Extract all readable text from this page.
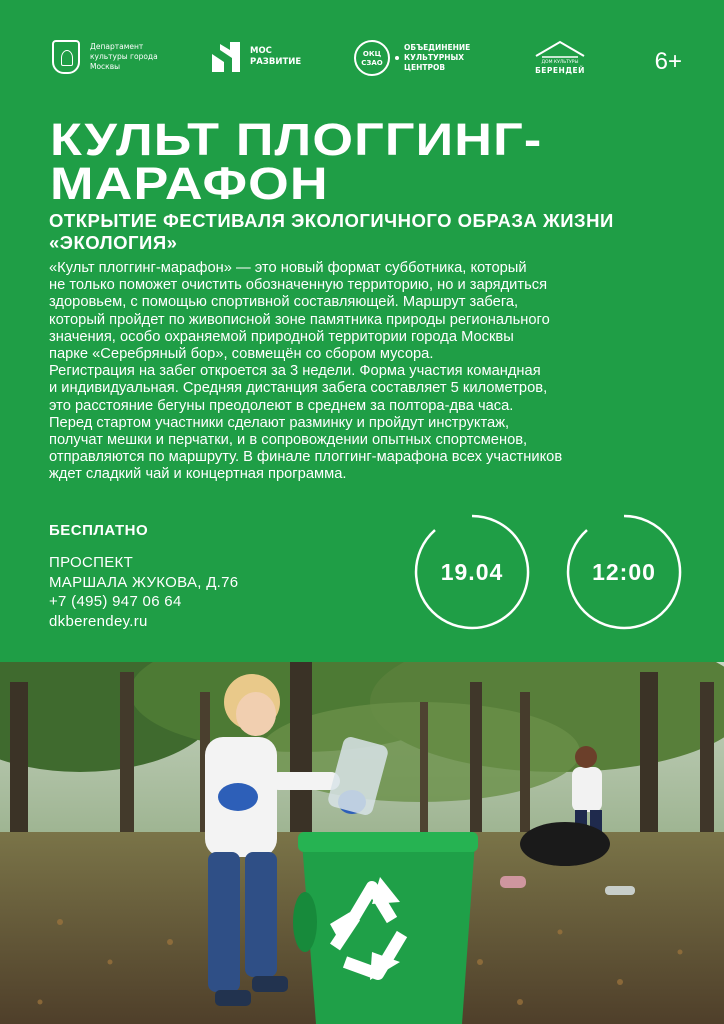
Департамент культуры города Москвы
МОС
РАЗВИТИЕ
ОКЦ
СЗАО
ОБЪЕДИНЕНИЕ
КУЛЬТУРНЫХ
ЦЕНТРОВ
ДОМ КУЛЬТУРЫ
БЕРЕНДЕЙ	6+
КУЛЬТ ПЛОГГИНГ-
МАРАФОН
ОТКРЫТИЕ ФЕСТИВАЛЯ ЭКОЛОГИЧНОГО ОБРАЗА ЖИЗНИ
«ЭКОЛОГИЯ»

«Культ плоггинг-марафон» — это новый формат субботника, который

не только поможет очистить обозначенную территорию, но и зарядиться

здоровьем, с помощью спортивной составляющей. Маршрут забега,

который пройдет по живописной зоне памятника природы регионального

значения, особо охраняемой природной территории города Москвы

парке «Серебряный бор», совмещён со сбором мусора.

Регистрация на забег откроется за 3 недели. Форма участия командная

и индивидуальная. Средняя дистанция забега составляет 5 километров,

это расстояние бегуны преодолеют в среднем за полтора-два часа.

Перед стартом участники сделают разминку и пройдут инструктаж,

получат мешки и перчатки, и в сопровождении опытных спортсменов,

отправляются по маршруту. В финале плоггинг-марафона всех участников

ждет сладкий чай и концертная программа.

БЕСПЛАТНО
ПРОСПЕКТ
МАРШАЛА ЖУКОВА, Д.76
+7 (495) 947 06 64
dkberendey.ru
19.04	12:00
